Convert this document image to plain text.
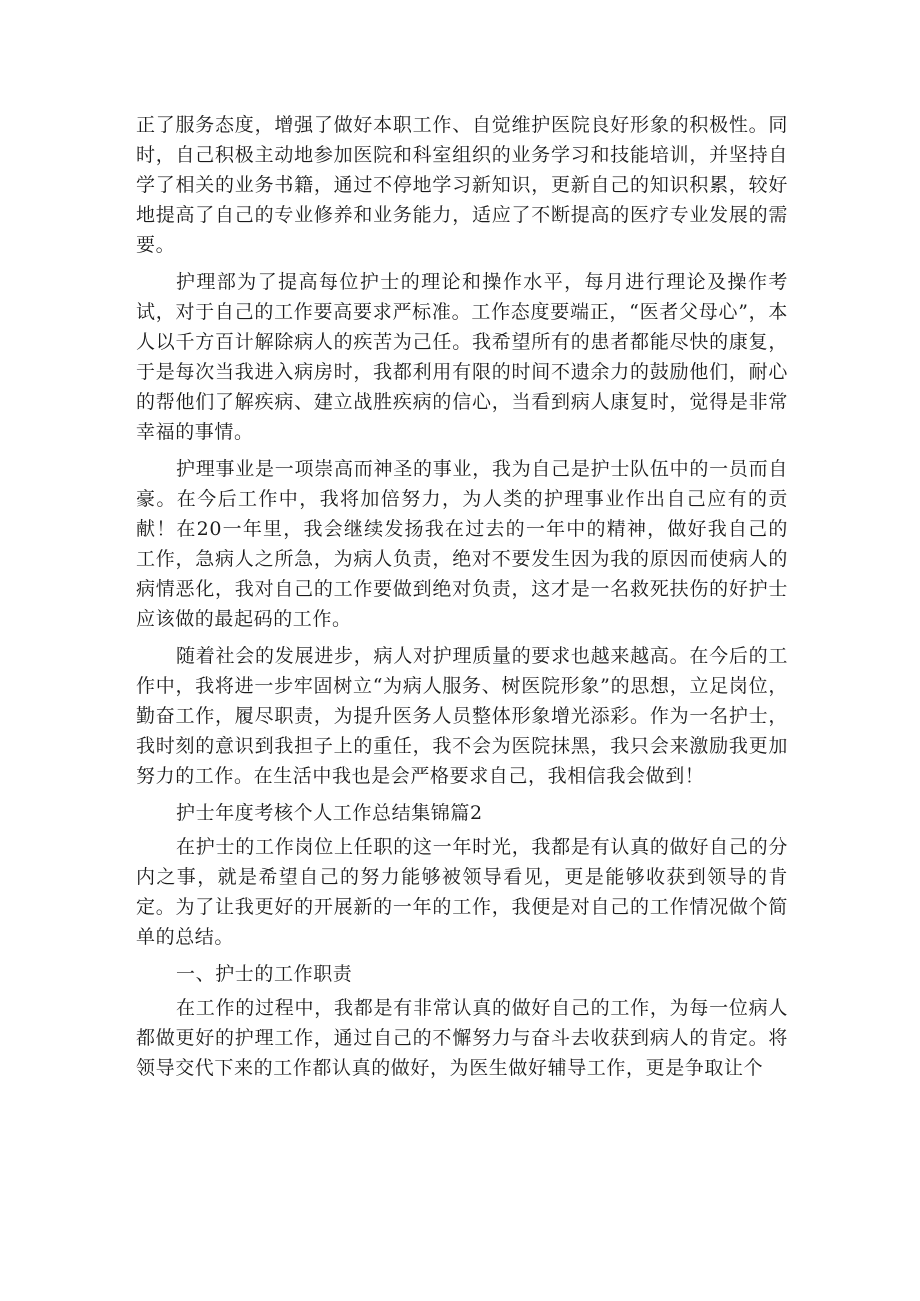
正了服务态度，增强了做好本职工作、自觉维护医院良好形象的积极性。同时，自己积极主动地参加医院和科室组织的业务学习和技能培训，并坚持自学了相关的业务书籍，通过不停地学习新知识，更新自己的知识积累，较好地提高了自己的专业修养和业务能力，适应了不断提高的医疗专业发展的需要。

护理部为了提高每位护士的理论和操作水平，每月进行理论及操作考试，对于自己的工作要高要求严标准。工作态度要端正，“医者父母心”，本人以千方百计解除病人的疾苦为己任。我希望所有的患者都能尽快的康复，于是每次当我进入病房时，我都利用有限的时间不遗余力的鼓励他们，耐心的帮他们了解疾病、建立战胜疾病的信心，当看到病人康复时，觉得是非常幸福的事情。

护理事业是一项崇高而神圣的事业，我为自己是护士队伍中的一员而自豪。在今后工作中，我将加倍努力，为人类的护理事业作出自己应有的贡献！在20一年里，我会继续发扬我在过去的一年中的精神，做好我自己的工作，急病人之所急，为病人负责，绝对不要发生因为我的原因而使病人的病情恶化，我对自己的工作要做到绝对负责，这才是一名救死扶伤的好护士应该做的最起码的工作。

随着社会的发展进步，病人对护理质量的要求也越来越高。在今后的工作中，我将进一步牢固树立“为病人服务、树医院形象”的思想，立足岗位，勤奋工作，履尽职责，为提升医务人员整体形象增光添彩。作为一名护士，我时刻的意识到我担子上的重任，我不会为医院抹黑，我只会来激励我更加努力的工作。在生活中我也是会严格要求自己，我相信我会做到！

护士年度考核个人工作总结集锦篇2

在护士的工作岗位上任职的这一年时光，我都是有认真的做好自己的分内之事，就是希望自己的努力能够被领导看见，更是能够收获到领导的肯定。为了让我更好的开展新的一年的工作，我便是对自己的工作情况做个简单的总结。

一、护士的工作职责

在工作的过程中，我都是有非常认真的做好自己的工作，为每一位病人都做更好的护理工作，通过自己的不懈努力与奋斗去收获到病人的肯定。将领导交代下来的工作都认真的做好，为医生做好辅导工作，更是争取让个
